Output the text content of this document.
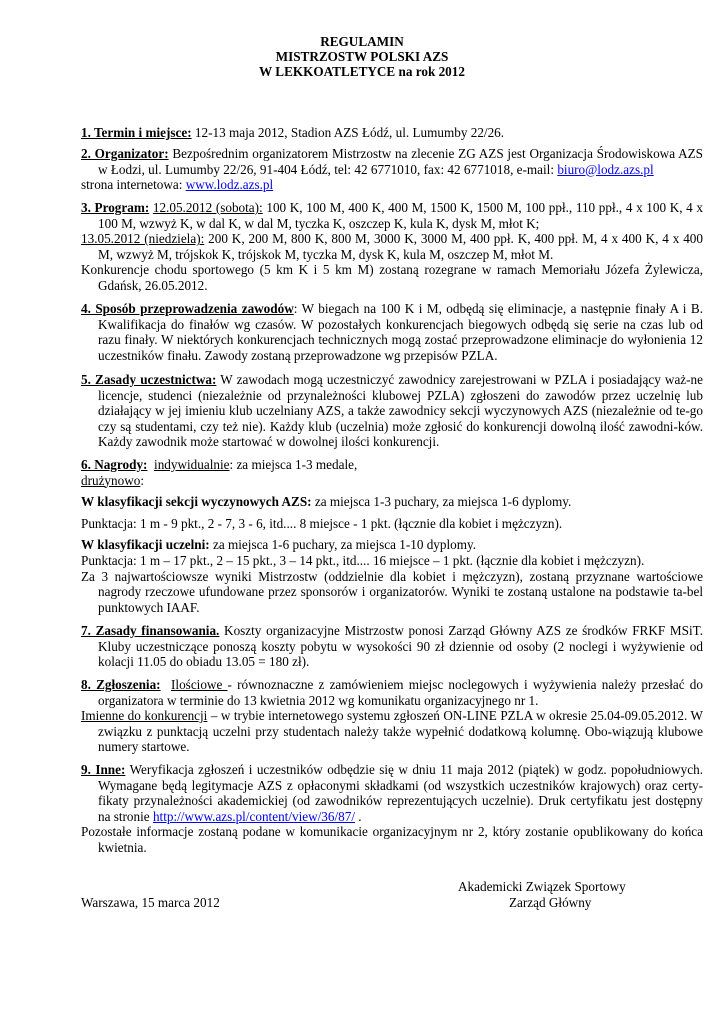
REGULAMIN
MISTRZOSTW POLSKI AZS
W LEKKOATLETYCE na rok 2012
1. Termin i miejsce: 12-13 maja 2012, Stadion AZS Łódź, ul. Lumumby 22/26.
2. Organizator: Bezpośrednim organizatorem Mistrzostw na zlecenie ZG AZS jest Organizacja Środowiskowa AZS w Łodzi, ul. Lumumby 22/26, 91-404 Łódź, tel: 42 6771010, fax: 42 6771018, e-mail: biuro@lodz.azs.pl
strona internetowa: www.lodz.azs.pl
3. Program: 12.05.2012 (sobota): 100 K, 100 M, 400 K, 400 M, 1500 K, 1500 M, 100 ppł., 110 ppł., 4 x 100 K, 4 x 100 M, wzwyż K, w dal K, w dal M, tyczka K, oszczep K, kula K, dysk M, młot K;
13.05.2012 (niedziela): 200 K, 200 M, 800 K, 800 M, 3000 K, 3000 M, 400 ppł. K, 400 ppł. M, 4 x 400 K, 4 x 400 M, wzwyż M, trójskok K, trójskok M, tyczka M, dysk K, kula M, oszczep M, młot M.
Konkurencje chodu sportowego (5 km K i 5 km M) zostaną rozegrane w ramach Memoriału Józefa Żylewicza, Gdańsk, 26.05.2012.
4. Sposób przeprowadzenia zawodów: W biegach na 100 K i M, odbędą się eliminacje, a następnie finały A i B. Kwalifikacja do finałów wg czasów. W pozostałych konkurencjach biegowych odbędą się serie na czas lub od razu finały. W niektórych konkurencjach technicznych mogą zostać przeprowadzone eliminacje do wyłonienia 12 uczestników finału. Zawody zostaną przeprowadzone wg przepisów PZLA.
5. Zasady uczestnictwa: W zawodach mogą uczestniczyć zawodnicy zarejestrowani w PZLA i posiadający waż-ne licencje, studenci (niezależnie od przynależności klubowej PZLA) zgłoszeni do zawodów przez uczelnię lub działający w jej imieniu klub uczelniany AZS, a także zawodnicy sekcji wyczynowych AZS (niezależnie od te-go czy są studentami, czy też nie). Każdy klub (uczelnia) może zgłosić do konkurencji dowolną ilość zawodni-ków. Każdy zawodnik może startować w dowolnej ilości konkurencji.
6. Nagrody: indywidualnie: za miejsca 1-3 medale,
drużynowo:
W klasyfikacji sekcji wyczynowych AZS: za miejsca 1-3 puchary, za miejsca 1-6 dyplomy.
Punktacja: 1 m - 9 pkt., 2 - 7, 3 - 6, itd.... 8 miejsce - 1 pkt. (łącznie dla kobiet i mężczyzn).
W klasyfikacji uczelni: za miejsca 1-6 puchary, za miejsca 1-10 dyplomy.
Punktacja: 1 m – 17 pkt., 2 – 15 pkt., 3 – 14 pkt., itd.... 16 miejsce – 1 pkt. (łącznie dla kobiet i mężczyzn).
Za 3 najwartościowsze wyniki Mistrzostw (oddzielnie dla kobiet i mężczyzn), zostaną przyznane wartościowe nagrody rzeczowe ufundowane przez sponsorów i organizatorów. Wyniki te zostaną ustalone na podstawie ta-bel punktowych IAAF.
7. Zasady finansowania. Koszty organizacyjne Mistrzostw ponosi Zarząd Główny AZS ze środków FRKF MSiT. Kluby uczestniczące ponoszą koszty pobytu w wysokości 90 zł dziennie od osoby (2 noclegi i wyżywienie od kolacji 11.05 do obiadu 13.05 = 180 zł).
8. Zgłoszenia: Ilościowe - równoznaczne z zamówieniem miejsc noclegowych i wyżywienia należy przesłać do organizatora w terminie do 13 kwietnia 2012 wg komunikatu organizacyjnego nr 1.
Imienne do konkurencji – w trybie internetowego systemu zgłoszeń ON-LINE PZLA w okresie 25.04-09.05.2012. W związku z punktacją uczelni przy studentach należy także wypełnić dodatkową kolumnę. Obo-wiązują klubowe numery startowe.
9. Inne: Weryfikacja zgłoszeń i uczestników odbędzie się w dniu 11 maja 2012 (piątek) w godz. popołudniowych. Wymagane będą legitymacje AZS z opłaconymi składkami (od wszystkich uczestników krajowych) oraz certy-fikaty przynależności akademickiej (od zawodników reprezentujących uczelnie). Druk certyfikatu jest dostępny na stronie http://www.azs.pl/content/view/36/87/ .
Pozostałe informacje zostaną podane w komunikacie organizacyjnym nr 2, który zostanie opublikowany do końca kwietnia.
Akademicki Związek Sportowy
Zarząd Główny
Warszawa, 15 marca 2012
